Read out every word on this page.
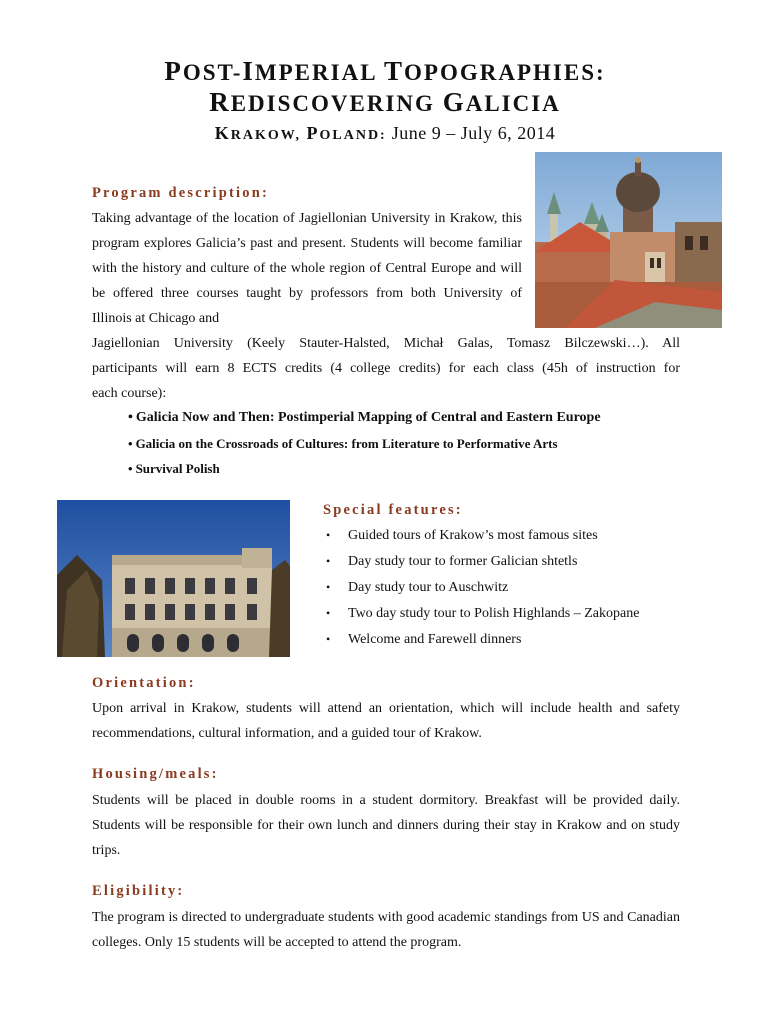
POST-IMPERIAL TOPOGRAPHIES:
REDISCOVERING GALICIA
KRAKOW, POLAND: June 9 – July 6, 2014
Program description:
Taking advantage of the location of Jagiellonian University in Krakow, this program explores Galicia’s past and present. Students will become familiar with the history and culture of the whole region of Central Europe and will be offered three courses taught by professors from both University of Illinois at Chicago and
Jagiellonian University (Keely Stauter-Halsted, Michał Galas, Tomasz Bilczewski…). All
participants will earn 8 ECTS credits (4 college credits) for each class (45h of instruction for
each course):
• Galicia Now and Then: Postimperial Mapping of Central and Eastern Europe
• Galicia on the Crossroads of Cultures: from Literature to Performative Arts
• Survival Polish
Special features:
• Guided tours of Krakow’s most famous sites
• Day study tour to former Galician shtetls
• Day study tour to Auschwitz
• Two day study tour to Polish Highlands – Zakopane
• Welcome and Farewell dinners
Orientation:
Upon arrival in Krakow, students will attend an orientation, which will include health and safety recommendations, cultural information, and a guided tour of Krakow.
Housing/meals:
Students will be placed in double rooms in a student dormitory. Breakfast will be provided daily. Students will be responsible for their own lunch and dinners during their stay in Krakow and on study trips.
Eligibility:
The program is directed to undergraduate students with good academic standings from US and Canadian colleges. Only 15 students will be accepted to attend the program.
